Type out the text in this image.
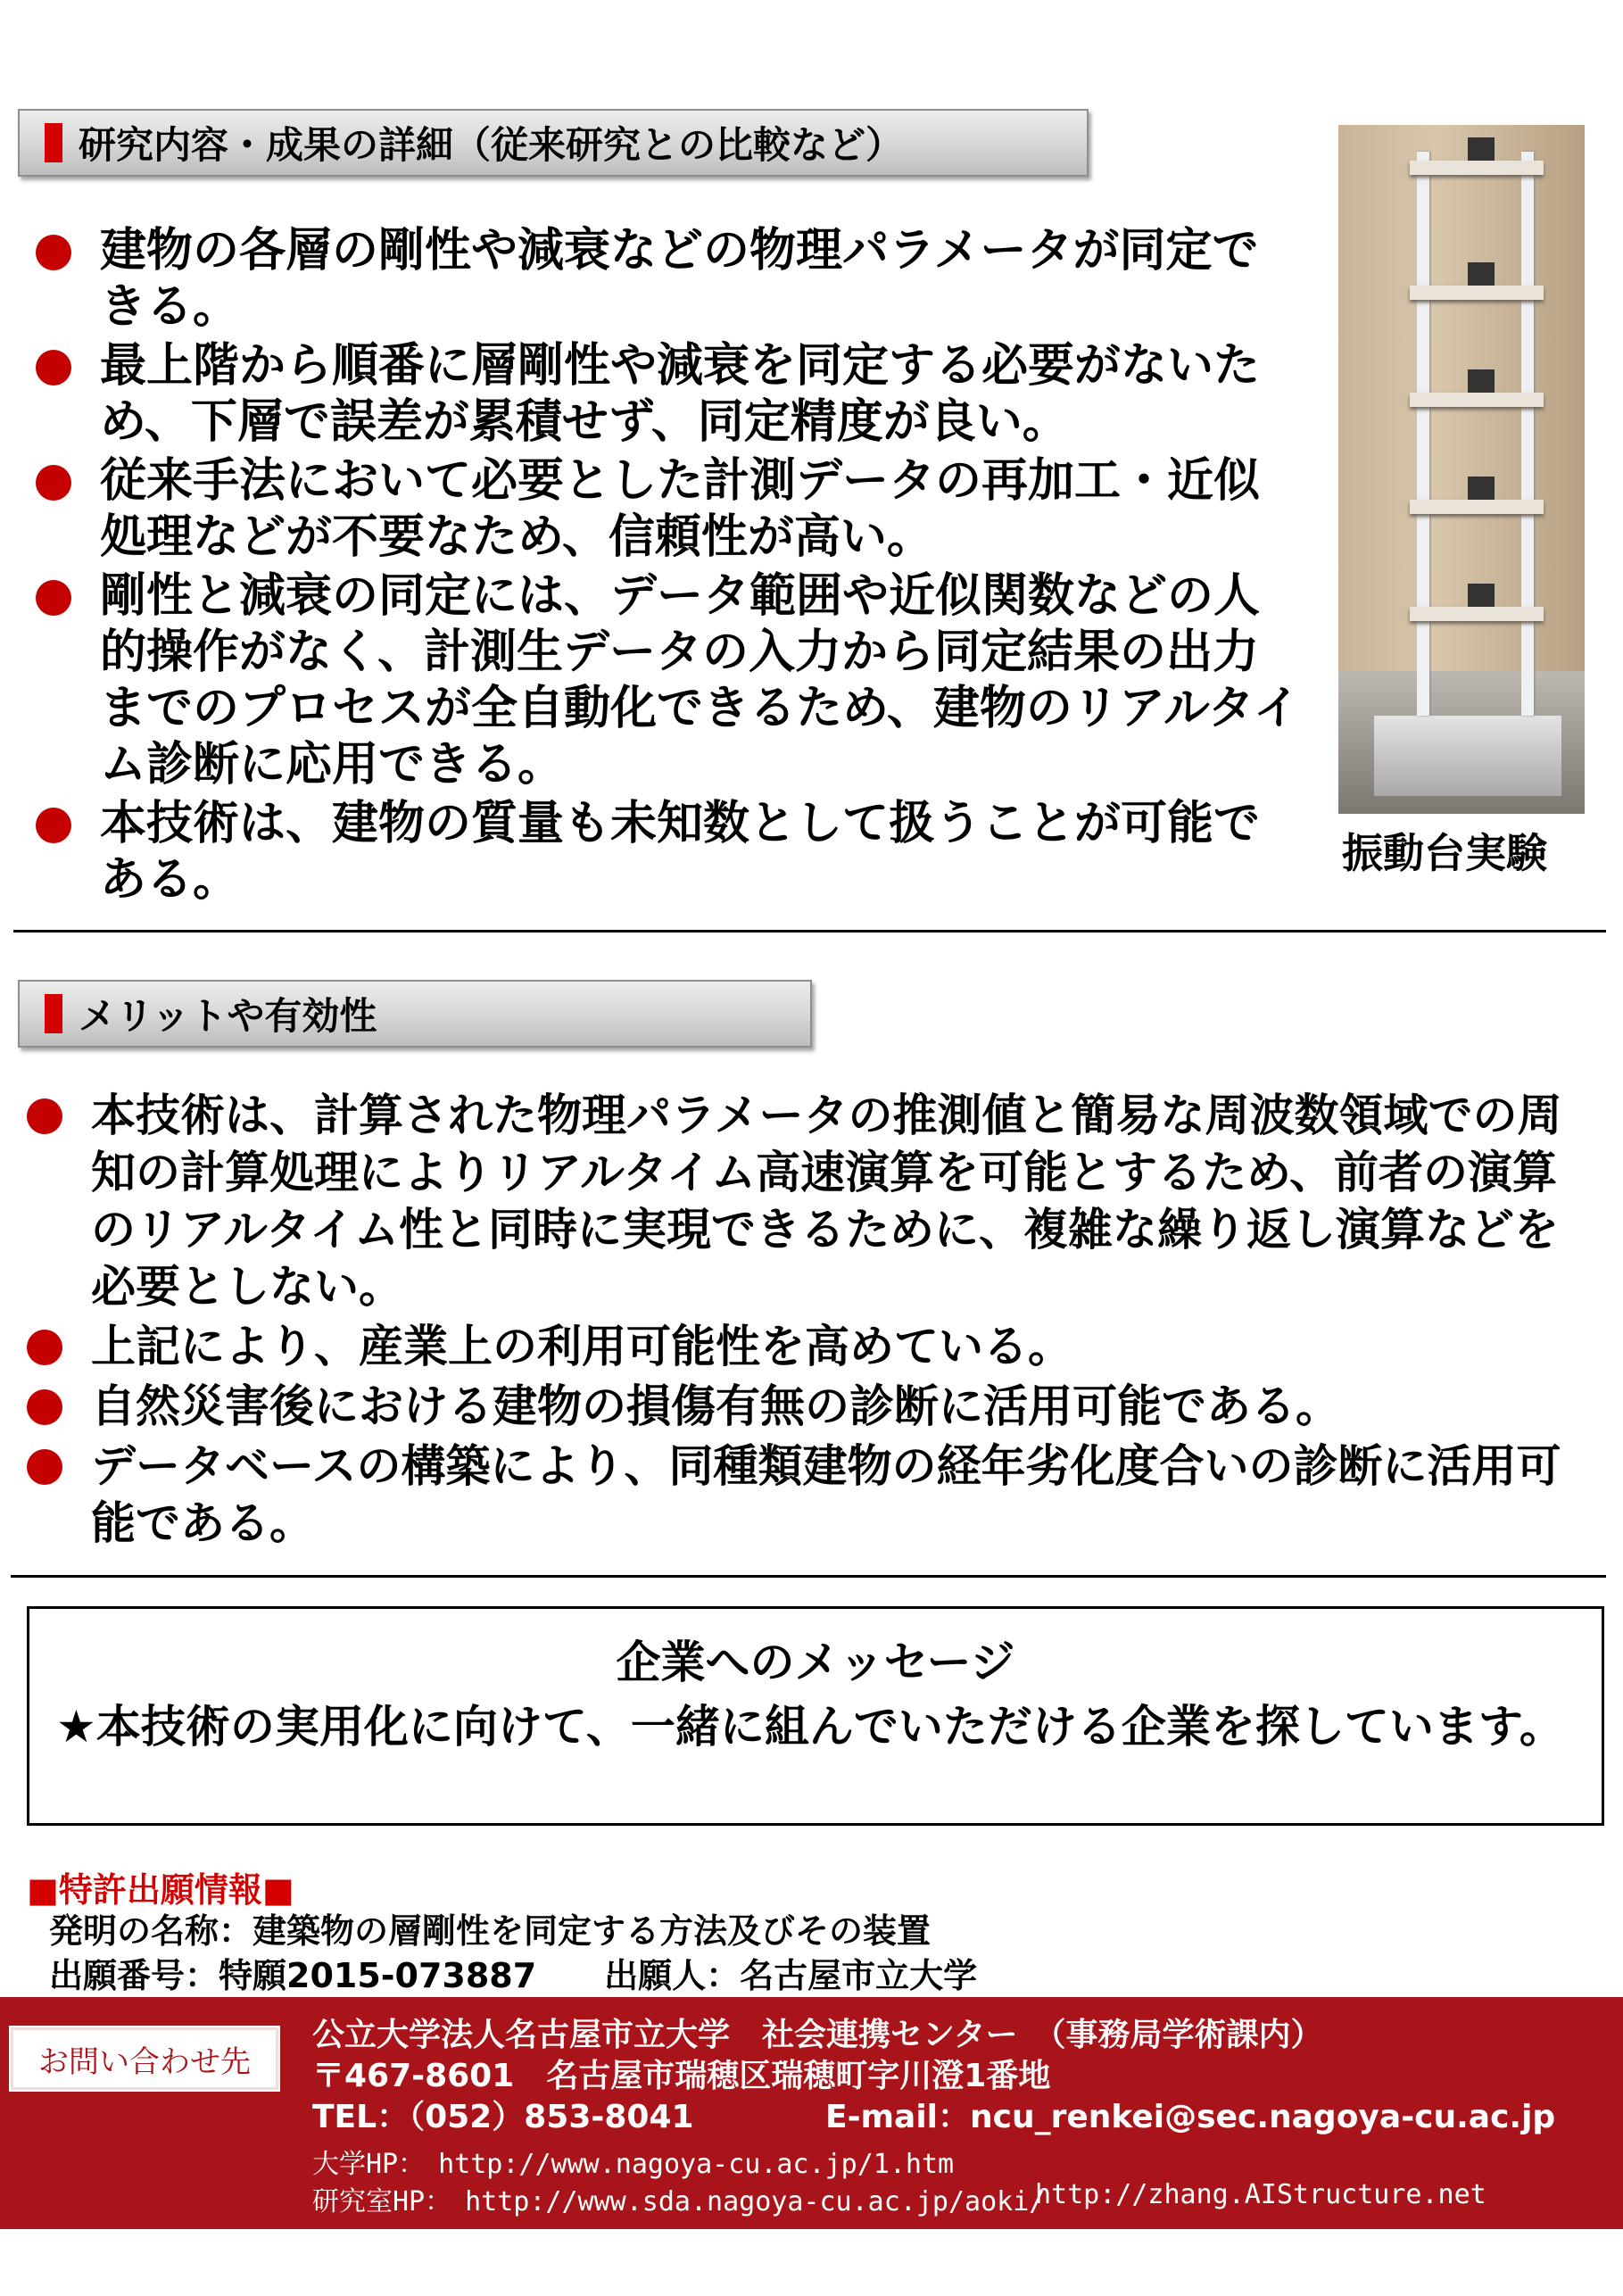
研究内容・成果の詳細（従来研究との比較など）
建物の各層の剛性や減衰などの物理パラメータが同定できる。
最上階から順番に層剛性や減衰を同定する必要がないため、下層で誤差が累積せず、同定精度が良い。
従来手法において必要とした計測データの再加工・近似処理などが不要なため、信頼性が高い。
剛性と減衰の同定には、データ範囲や近似関数などの人的操作がなく、計測生データの入力から同定結果の出力までのプロセスが全自動化できるため、建物のリアルタイム診断に応用できる。
本技術は、建物の質量も未知数として扱うことが可能である。	振動台実験
メリットや有効性
本技術は、計算された物理パラメータの推測値と簡易な周波数領域での周知の計算処理によりリアルタイム高速演算を可能とするため、前者の演算のリアルタイム性と同時に実現できるために、複雑な繰り返し演算などを必要としない。
上記により、産業上の利用可能性を高めている。
自然災害後における建物の損傷有無の診断に活用可能である。
データベースの構築により、同種類建物の経年劣化度合いの診断に活用可能である。
企業へのメッセージ
★本技術の実用化に向けて、一緒に組んでいただける企業を探しています。
■特許出願情報■
発明の名称：建築物の層剛性を同定する方法及びその装置
出願番号：特願2015-073887　　出願人：名古屋市立大学
お問い合わせ先
公立大学法人名古屋市立大学　社会連携センター　（事務局学術課内）
〒467-8601　名古屋市瑞穂区瑞穂町字川澄1番地
TEL：（052）853-8041	E-mail：ncu_renkei@sec.nagoya-cu.ac.jp
大学HP：　http://www.nagoya-cu.ac.jp/1.htm
研究室HP：　http://www.sda.nagoya-cu.ac.jp/aoki/
http://zhang.AIStructure.net
